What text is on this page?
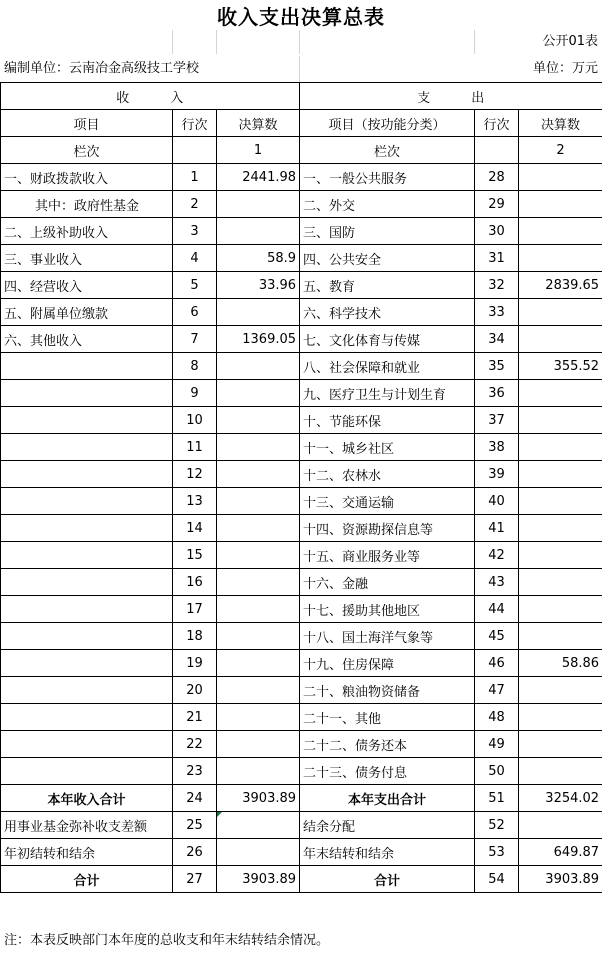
收入支出决算总表
公开01表
编制单位：云南冶金高级技工学校	单位：万元
收　　　入			支　　　出		
项目	行次	决算数	项目（按功能分类）	行次	决算数
栏次		1	栏次		2
一、财政拨款收入	1	2441.98	一、一般公共服务	28	
其中：政府性基金	2		二、外交	29	
二、上级补助收入	3		三、国防	30	
三、事业收入	4	58.9	四、公共安全	31	
四、经营收入	5	33.96	五、教育	32	2839.65
五、附属单位缴款	6		六、科学技术	33	
六、其他收入	7	1369.05	七、文化体育与传媒	34	
	8		八、社会保障和就业	35	355.52
	9		九、医疗卫生与计划生育	36	
	10		十、节能环保	37	
	11		十一、城乡社区	38	
	12		十二、农林水	39	
	13		十三、交通运输	40	
	14		十四、资源勘探信息等	41	
	15		十五、商业服务业等	42	
	16		十六、金融	43	
	17		十七、援助其他地区	44	
	18		十八、国土海洋气象等	45	
	19		十九、住房保障	46	58.86
	20		二十、粮油物资储备	47	
	21		二十一、其他	48	
	22		二十二、债务还本	49	
	23		二十三、债务付息	50	
本年收入合计	24	3903.89	本年支出合计	51	3254.02
用事业基金弥补收支差额	25		结余分配	52	
年初结转和结余	26		年末结转和结余	53	649.87
合计	27	3903.89	合计	54	3903.89
注：本表反映部门本年度的总收支和年末结转结余情况。
